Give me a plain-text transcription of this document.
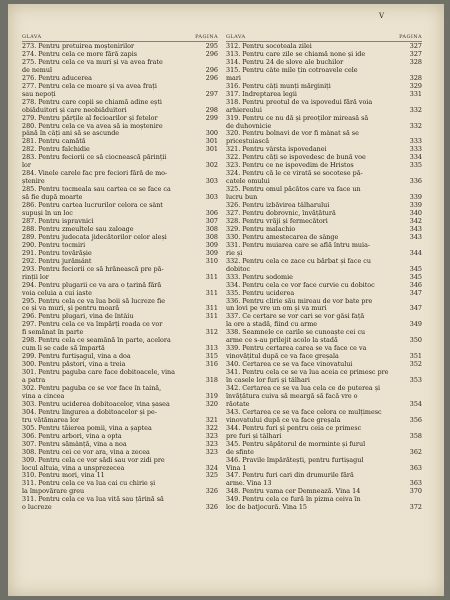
V
GLAVA	PAGINA
273. Pentru pretuirea moștenirilor	295
274. Pentru cela ce more fără zapis	296
275. Pentru cela ce va muri și va avea frate
de nemul	296
276. Pentru aducerea	296
277. Pentru cela ce moare și va avea frați
sau nepoți	297
278. Pentru care copii se chiamă adine ești
obiăduitori și care neobiăduitori	298
279. Pentru părțile al fecioarilor și fetelor	299
280. Pentru cela ce va avea să ia moștenire
până în câți ani să se ascunde	300
281. Pentru camătă	301
282. Pentru falchidie	301
283. Pentru feciorii ce să ciocnească părinții
lor	302
284. Vinele carele fac pre feciori fără de mo-
ștenire	303
285. Pentru tocmeala sau cartea ce se face ca
să fie după moarte	303
286. Pentru cartea lucrurilor celora ce sânt
supuși în un loc	306
287. Pentru ispravnici	307
288. Pentru zmeultele sau zaloage	308
289. Pentru judecata jidecătorilor celor aleși	308
290. Pentru tocmiri	309
291. Pentru tovărășie	309
292. Pentru jurământ	310
293. Pentru feciorii ce să hrănească pre pă-
rinții lor	311
294. Pentru plugarii ce va ara o țarină fără
voia celuia a cui iaste	311
295. Pentru cela ce va lua boii să lucreze fie
ce și va muri, și pentru moară	311
296. Pentru plugari, vina de întâiu	311
297. Pentru cela ce va împărți roada ce vor
fi semănat în parte	312
298. Pentru cela ce seamănă în parte, acelora
cum li se cade să împartă	313
299. Pentru furtișagul, vina a doa	315
300. Pentru păstori, vina a treia	316
301. Pentru paguba care face dobitoacele, vina
a patra	318
302. Pentru paguba ce se vor face în taină,
vina a cincea	319
303. Pentru uciderea dobitoacelor, vina șasea	320
304. Pentru lingurea a dobitoacelor și pe-
tru vătămarea lor	321
305. Pentru tăierea pomii, vina a șaptea	322
306. Pentru arbori, vina a opta	323
307. Pentru sămânță, vina a noa	323
308. Pentru cei ce vor ara, vina a zecea	323
309. Pentru cela ce vor sădi sau vor zidi pre
locul altuia, vina a unsprezecea	324
310. Pentru mori, vina 11	325
311. Pentru cela ce va lua cai cu chirie și
la împovărare greu	326
311. Pentru cela ce va lua vită sau țărină să
o lucreze	326
GLAVA	PAGINA
312. Pentru socoteala zilei	327
313. Pentru care zile se chiamă none și ide	327
314. Pentru 24 de slove ale buchilor	328
315. Pentru câte mile țin cotroavele cele
mari	328
316. Pentru câți munți mărginiți	329
317. Îndreptarea legii	331
318. Pentru preotul de va ispovedui fără voia
arhiereului	332
319. Pentru ce nu dă și preoților mireasă să
de duhovnicie	332
320. Pentru bolnavi de vor fi mânat să se
priceștuiască	333
321. Pentru vârsta ispovedanei	333
322. Pentru căți se ispovedesc de bună voe	334
323. Pentru ce ne ispovedim de Hristos	335
324. Pentru că le ce virată se socotese pă-
catele omului	336
325. Pentru omul păcătos care va face un
lucru bun	339
326. Pentru izbăvirea tâlharului	339
327. Pentru dobrovnic, învățătură	340
328. Pentru vrăji și fermecători	342
329. Pentru malachio	343
330. Pentru amestecarea de sânge	343
331. Pentru muiarea care se află întru muia-
rie și	344
332. Pentru cela ce zace cu bărbat și face cu
dobitoc	345
333. Pentru sodomie	345
334. Pentru cela ce vor face curvie cu dobitoc	346
335. Pentru uciderea	347
336. Pentru clirie său mireau de vor bate pre
un lovi pe vre un om și va muri	347
337. Ce certare se vor cari se vor găsi față
la ore a stadă, fiind cu arme	349
338. Seamnele ce carile se cunoaște cei cu
arme ce s-au prilejit acolo la stadă	350
339. Pentru certarea carea se va face ce va
vinovățitul după ce va face greșala	351
340. Certarea ce se va face vinovatului	352
341. Pentru cela ce se va lua aceia ce primesc pre
în casele lor furi și tâlhari	353
342. Certarea ce se va lua cela ce de puterea și
învățătura cuiva să meargă să facă vre o
răotate	354
343. Certarea ce se va face celora ce mulțimesc
vinovatului după ce va face greșala	356
344. Pentru furi și pentru ceia ce primesc
pre furi și tâlhari	358
345. Pentru săpătorul de morminte și furul
de sfinte	362
346. Pravile împărătești, pentru furtișagul
Vina 1	363
347. Pentru furi cari din drumurile fără
arme. Vina 13	363
348. Pentru vama cer Demnează. Vina 14	370
349. Pentru cela ce fură în pizma ceiva în
loc de batjocură. Vina 15	372
